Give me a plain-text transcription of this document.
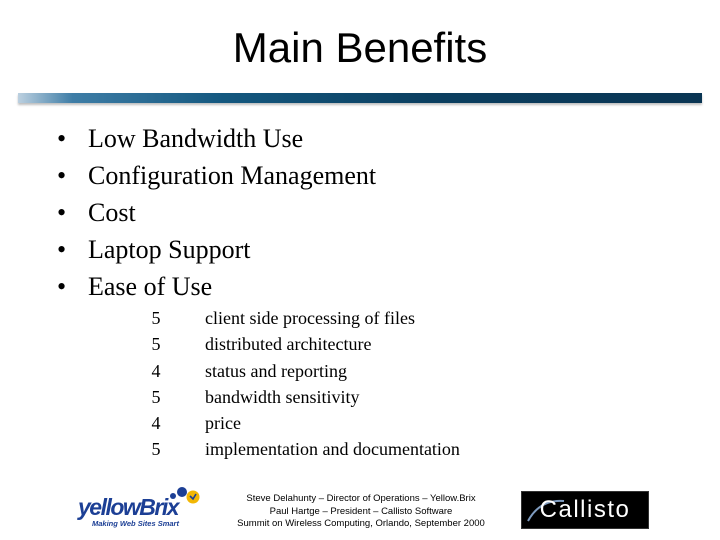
Main Benefits
• Low Bandwidth Use
• Configuration Management
• Cost
• Laptop Support
• Ease of Use
5 client side processing of files
5 distributed architecture
4 status and reporting
5 bandwidth sensitivity
4 price
5 implementation and documentation
yellowBrix
Making Web Sites Smart
Steve Delahunty – Director of Operations – Yellow.Brix
Paul Hartge – President – Callisto Software
Summit on Wireless Computing, Orlando, September 2000
Callisto
